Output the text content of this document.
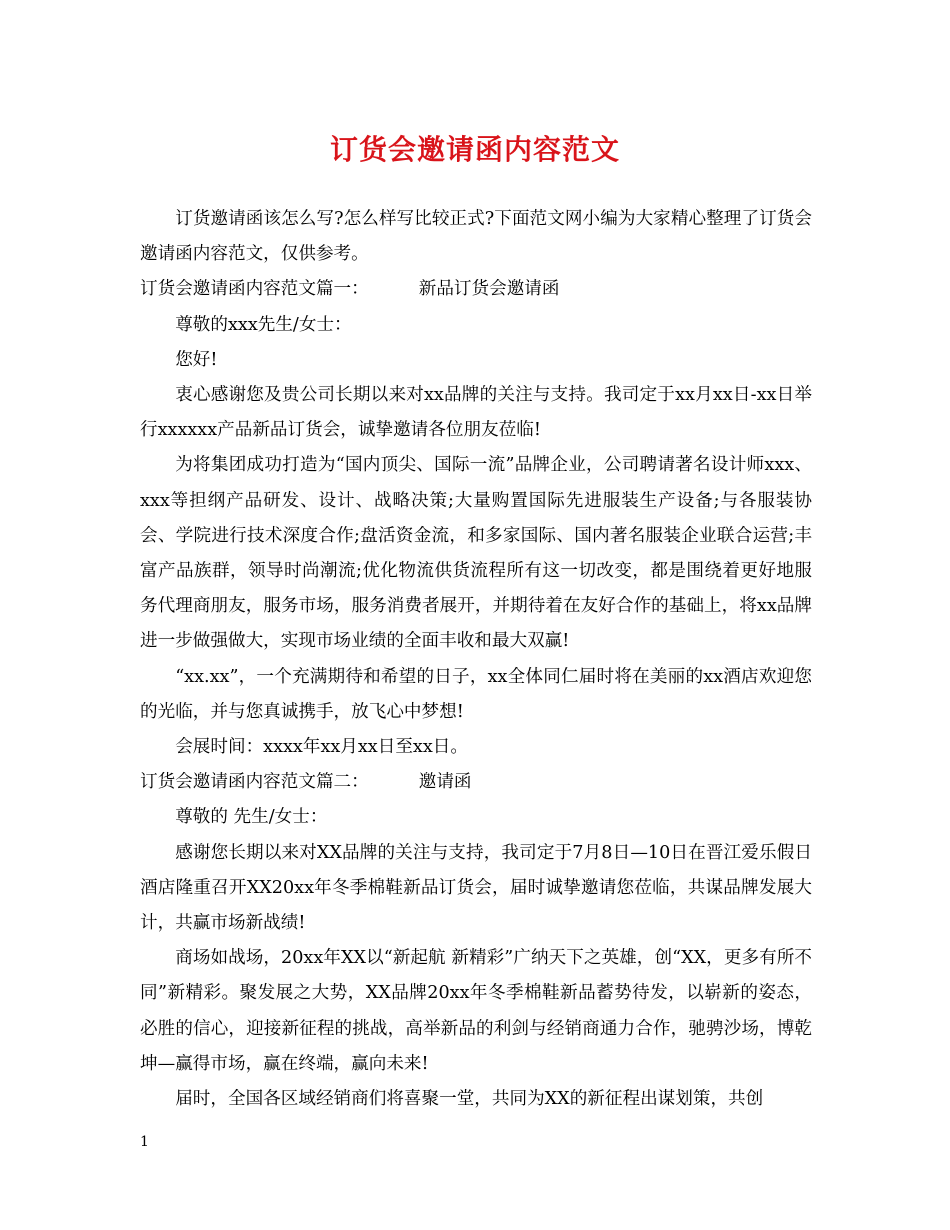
订货会邀请函内容范文

订货邀请函该怎么写?怎么样写比较正式?下面范文网小编为大家精心整理了订货会邀请函内容范文，仅供参考。

订货会邀请函内容范文篇一：	新品订货会邀请函

尊敬的xxx先生/女士：

您好!

衷心感谢您及贵公司长期以来对xx品牌的关注与支持。我司定于xx月xx日-xx日举行xxxxxx产品新品订货会，诚挚邀请各位朋友莅临!

为将集团成功打造为“国内顶尖、国际一流”品牌企业，公司聘请著名设计师xxx、xxx等担纲产品研发、设计、战略决策;大量购置国际先进服装生产设备;与各服装协会、学院进行技术深度合作;盘活资金流，和多家国际、国内著名服装企业联合运营;丰富产品族群，领导时尚潮流;优化物流供货流程所有这一切改变，都是围绕着更好地服务代理商朋友，服务市场，服务消费者展开，并期待着在友好合作的基础上，将xx品牌进一步做强做大，实现市场业绩的全面丰收和最大双赢!

“xx.xx”，一个充满期待和希望的日子，xx全体同仁届时将在美丽的xx酒店欢迎您的光临，并与您真诚携手，放飞心中梦想!

会展时间：xxxx年xx月xx日至xx日。

订货会邀请函内容范文篇二：	邀请函

尊敬的 先生/女士：

感谢您长期以来对XX品牌的关注与支持，我司定于7月8日—10日在晋江爱乐假日酒店隆重召开XX20xx年冬季棉鞋新品订货会，届时诚挚邀请您莅临，共谋品牌发展大计，共赢市场新战绩!

商场如战场，20xx年XX以“新起航 新精彩”广纳天下之英雄，创“XX，更多有所不同”新精彩。聚发展之大势，XX品牌20xx年冬季棉鞋新品蓄势待发，以崭新的姿态，必胜的信心，迎接新征程的挑战，高举新品的利剑与经销商通力合作，驰骋沙场，博乾坤—赢得市场，赢在终端，赢向未来!

届时，全国各区域经销商们将喜聚一堂，共同为XX的新征程出谋划策，共创

1
